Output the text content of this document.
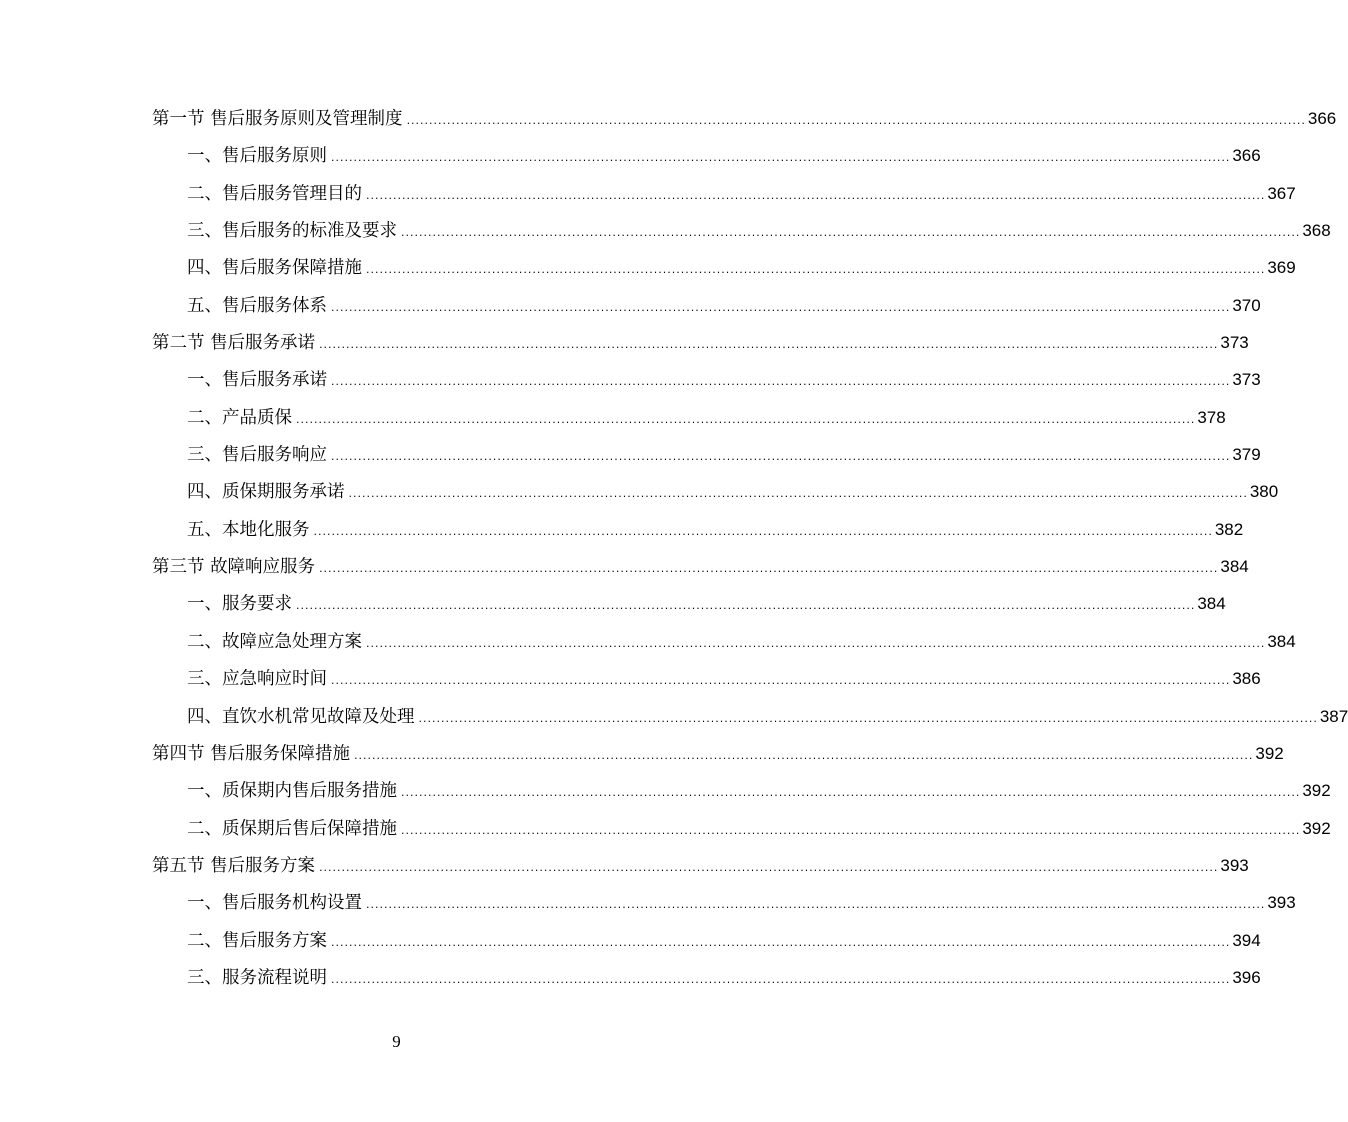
第一节 售后服务原则及管理制度 ........................................................................................................................................................................................................ 366
一、售后服务原则 ........................................................................................................................................................................................................ 366
二、售后服务管理目的 ........................................................................................................................................................................................................ 367
三、售后服务的标准及要求 ........................................................................................................................................................................................................ 368
四、售后服务保障措施 ........................................................................................................................................................................................................ 369
五、售后服务体系 ........................................................................................................................................................................................................ 370
第二节 售后服务承诺 ........................................................................................................................................................................................................ 373
一、售后服务承诺 ........................................................................................................................................................................................................ 373
二、产品质保 ........................................................................................................................................................................................................ 378
三、售后服务响应 ........................................................................................................................................................................................................ 379
四、质保期服务承诺 ........................................................................................................................................................................................................ 380
五、本地化服务 ........................................................................................................................................................................................................ 382
第三节 故障响应服务 ........................................................................................................................................................................................................ 384
一、服务要求 ........................................................................................................................................................................................................ 384
二、故障应急处理方案 ........................................................................................................................................................................................................ 384
三、应急响应时间 ........................................................................................................................................................................................................ 386
四、直饮水机常见故障及处理 ........................................................................................................................................................................................................ 387
第四节 售后服务保障措施 ........................................................................................................................................................................................................ 392
一、质保期内售后服务措施 ........................................................................................................................................................................................................ 392
二、质保期后售后保障措施 ........................................................................................................................................................................................................ 392
第五节 售后服务方案 ........................................................................................................................................................................................................ 393
一、售后服务机构设置 ........................................................................................................................................................................................................ 393
二、售后服务方案 ........................................................................................................................................................................................................ 394
三、服务流程说明 ........................................................................................................................................................................................................ 396
9
